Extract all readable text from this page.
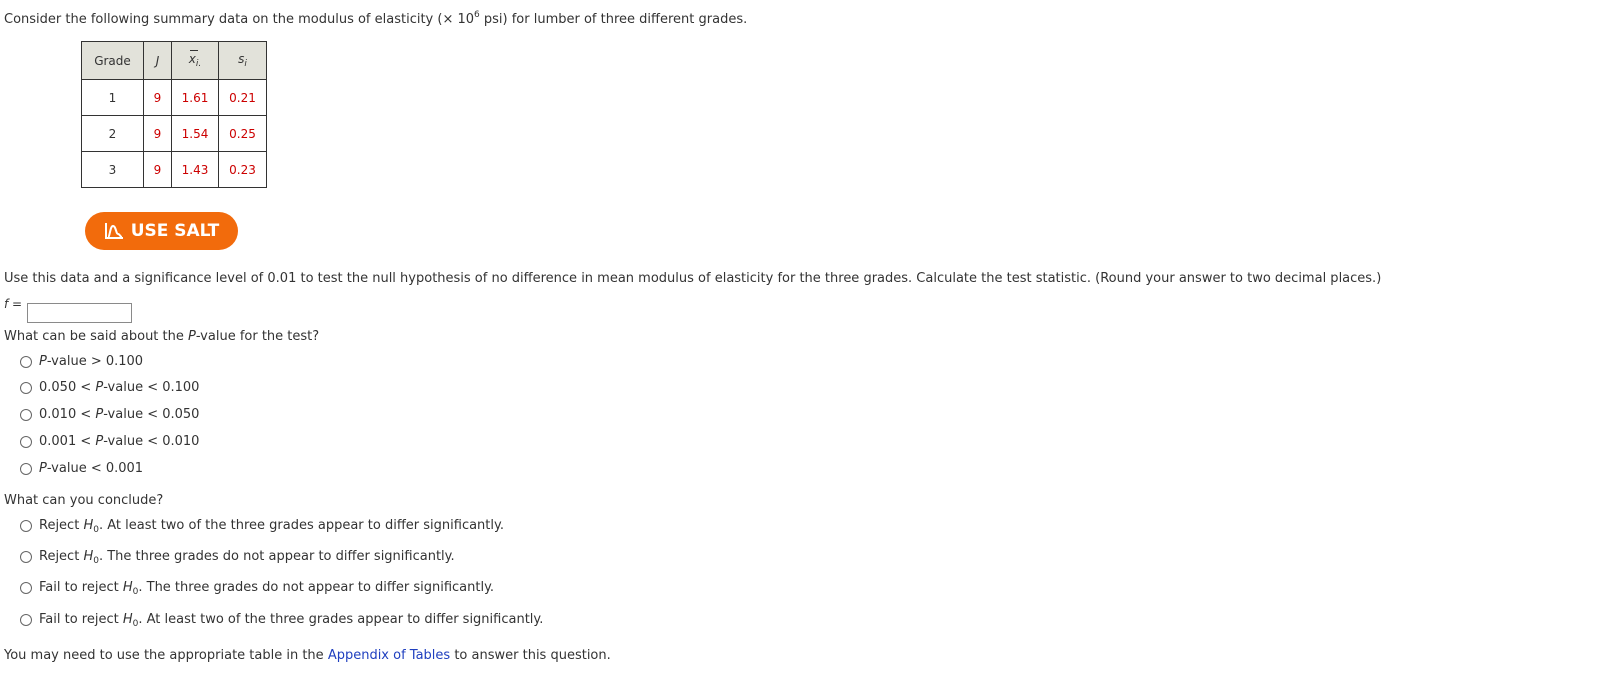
Consider the following summary data on the modulus of elasticity (× $10^6$ psi) for lumber of three different grades.
Grade	J	$x_{i.}$	$s_i$
1	9	1.61	0.21
2	9	1.54	0.25
3	9	1.43	0.23
USE SALT
Use this data and a significance level of 0.01 to test the null hypothesis of no difference in mean modulus of elasticity for the three grades. Calculate the test statistic. (Round your answer to two decimal places.)
f =
What can be said about the P-value for the test?
P-value > 0.100
0.050 < P-value < 0.100
0.010 < P-value < 0.050
0.001 < P-value < 0.010
P-value < 0.001
What can you conclude?
Reject $H_0$. At least two of the three grades appear to differ significantly.
Reject $H_0$. The three grades do not appear to differ significantly.
Fail to reject $H_0$. The three grades do not appear to differ significantly.
Fail to reject $H_0$. At least two of the three grades appear to differ significantly.
You may need to use the appropriate table in the Appendix of Tables to answer this question.
